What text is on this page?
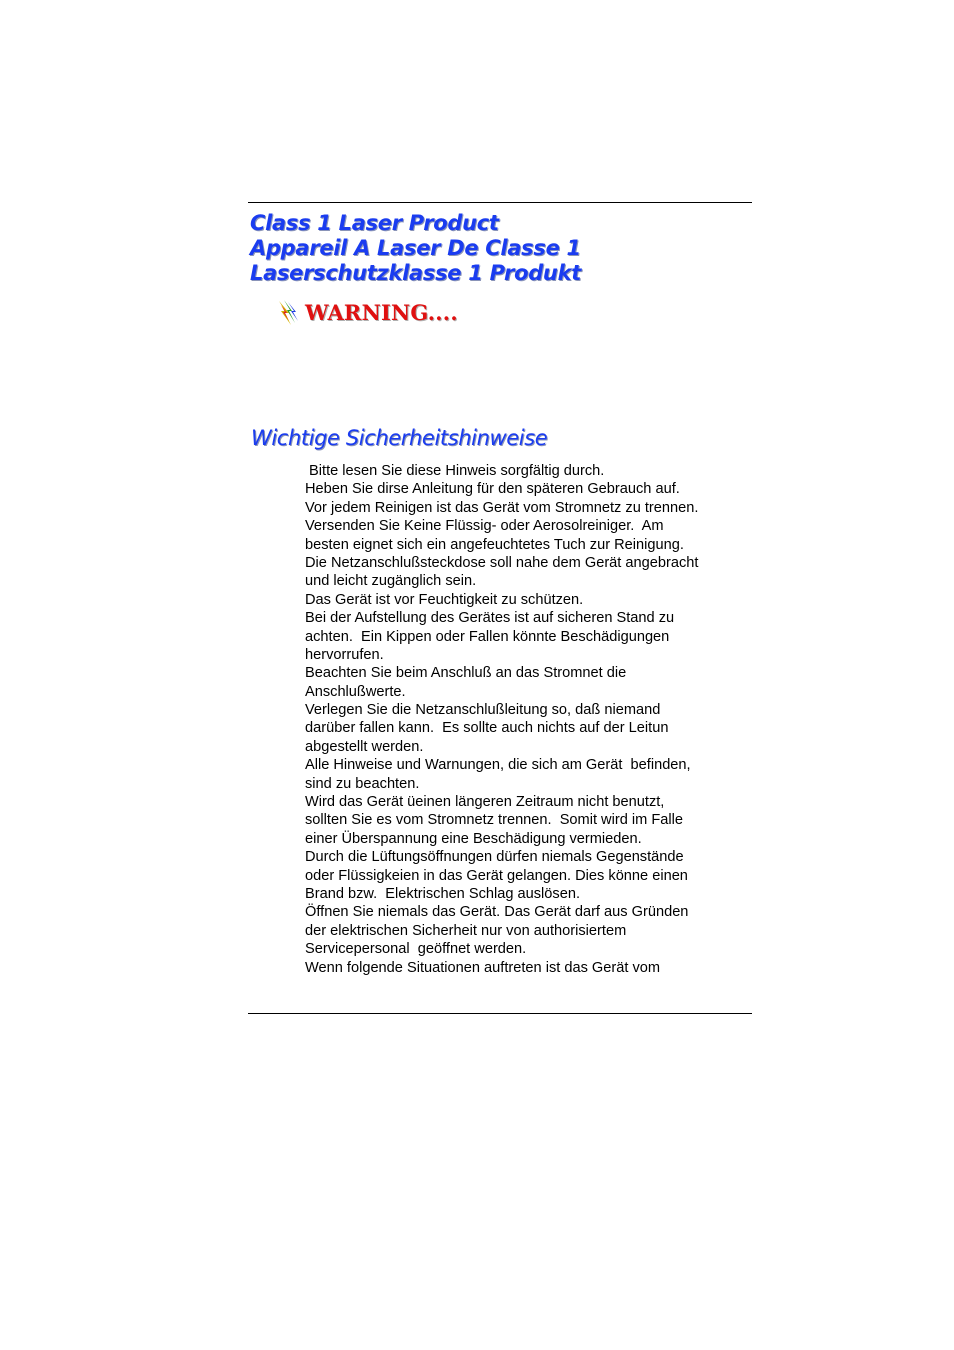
Class 1 Laser Product
Appareil A Laser De Classe 1
Laserschutzklasse 1 Produkt
WARNING....
Wichtige Sicherheitshinweise
Bitte lesen Sie diese Hinweis sorgfältig durch.
Heben Sie dirse Anleitung für den späteren Gebrauch auf.
Vor jedem Reinigen ist das Gerät vom Stromnetz zu trennen.
Versenden Sie Keine Flüssig- oder Aerosolreiniger.  Am
besten eignet sich ein angefeuchtetes Tuch zur Reinigung.
Die Netzanschlußsteckdose soll nahe dem Gerät angebracht
und leicht zugänglich sein.
Das Gerät ist vor Feuchtigkeit zu schützen.
Bei der Aufstellung des Gerätes ist auf sicheren Stand zu
achten.  Ein Kippen oder Fallen könnte Beschädigungen
hervorrufen.
Beachten Sie beim Anschluß an das Stromnet die
Anschlußwerte.
Verlegen Sie die Netzanschlußleitung so, daß niemand
darüber fallen kann.  Es sollte auch nichts auf der Leitun
abgestellt werden.
Alle Hinweise und Warnungen, die sich am Gerät  befinden,
sind zu beachten.
Wird das Gerät üeinen längeren Zeitraum nicht benutzt,
sollten Sie es vom Stromnetz trennen.  Somit wird im Falle
einer Überspannung eine Beschädigung vermieden.
Durch die Lüftungsöffnungen dürfen niemals Gegenstände
oder Flüssigkeien in das Gerät gelangen. Dies könne einen
Brand bzw.  Elektrischen Schlag auslösen.
Öffnen Sie niemals das Gerät. Das Gerät darf aus Gründen
der elektrischen Sicherheit nur von authorisiertem
Servicepersonal  geöffnet werden.
Wenn folgende Situationen auftreten ist das Gerät vom
